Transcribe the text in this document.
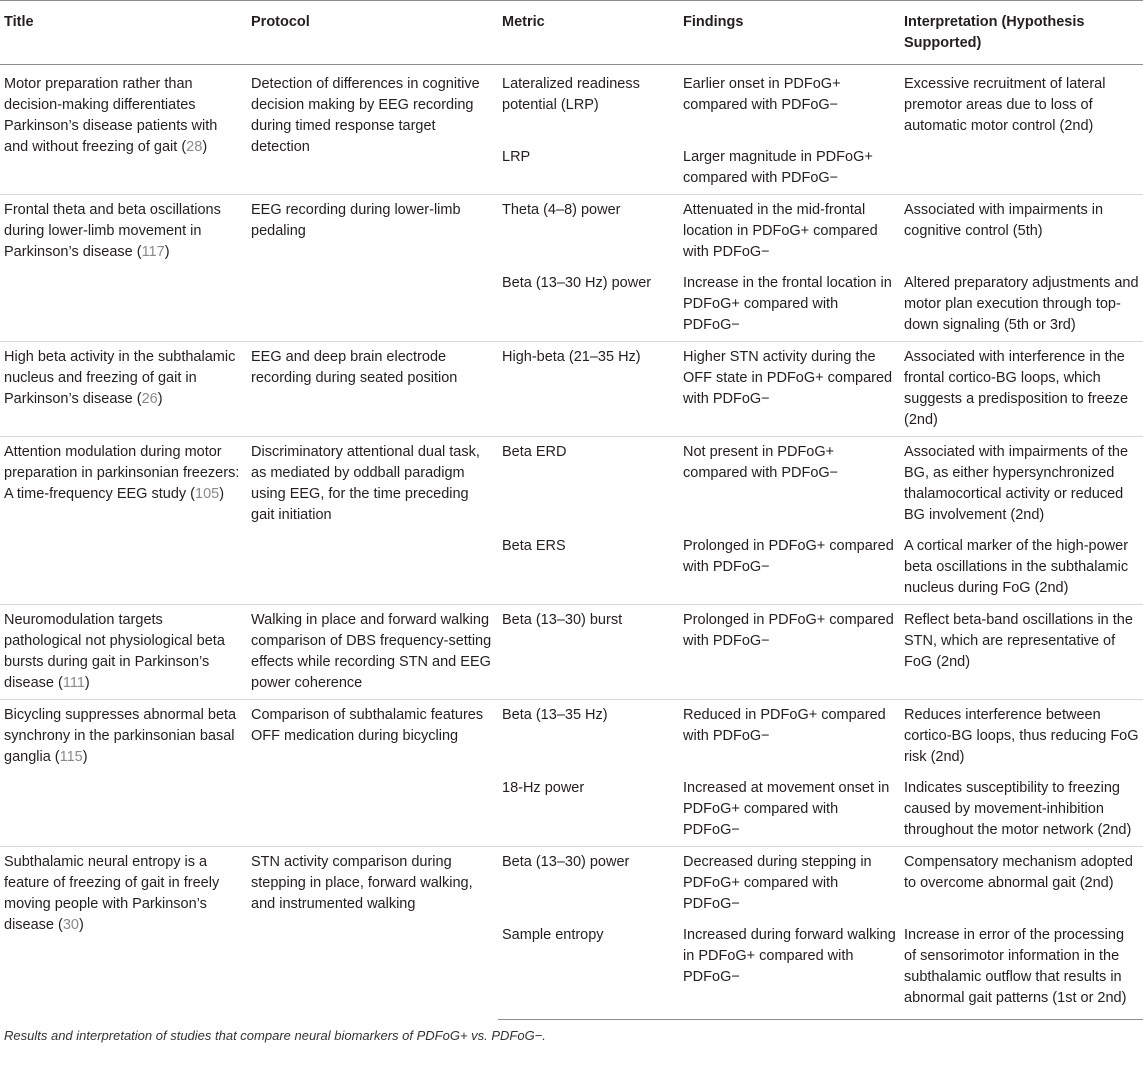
Title	Protocol	Metric	Findings	Interpretation (Hypothesis Supported)
Motor preparation rather than decision-making differentiates Parkinson’s disease patients with and without freezing of gait (28)	Detection of differences in cognitive decision making by EEG recording during timed response target detection	Lateralized readiness potential (LRP)	Earlier onset in PDFoG+ compared with PDFoG−	Excessive recruitment of lateral premotor areas due to loss of automatic motor control (2nd)
		LRP	Larger magnitude in PDFoG+ compared with PDFoG−	
Frontal theta and beta oscillations during lower-limb movement in Parkinson’s disease (117)	EEG recording during lower-limb pedaling	Theta (4–8) power	Attenuated in the mid-frontal location in PDFoG+ compared with PDFoG−	Associated with impairments in cognitive control (5th)
		Beta (13–30 Hz) power	Increase in the frontal location in PDFoG+ compared with PDFoG−	Altered preparatory adjustments and motor plan execution through top-down signaling (5th or 3rd)
High beta activity in the subthalamic nucleus and freezing of gait in Parkinson’s disease (26)	EEG and deep brain electrode recording during seated position	High-beta (21–35 Hz)	Higher STN activity during the OFF state in PDFoG+ compared with PDFoG−	Associated with interference in the frontal cortico-BG loops, which suggests a predisposition to freeze (2nd)
Attention modulation during motor preparation in parkinsonian freezers: A time-frequency EEG study (105)	Discriminatory attentional dual task, as mediated by oddball paradigm using EEG, for the time preceding gait initiation	Beta ERD	Not present in PDFoG+ compared with PDFoG−	Associated with impairments of the BG, as either hypersynchronized thalamocortical activity or reduced BG involvement (2nd)
		Beta ERS	Prolonged in PDFoG+ compared with PDFoG−	A cortical marker of the high-power beta oscillations in the subthalamic nucleus during FoG (2nd)
Neuromodulation targets pathological not physiological beta bursts during gait in Parkinson’s disease (111)	Walking in place and forward walking comparison of DBS frequency-setting effects while recording STN and EEG power coherence	Beta (13–30) burst	Prolonged in PDFoG+ compared with PDFoG−	Reflect beta-band oscillations in the STN, which are representative of FoG (2nd)
Bicycling suppresses abnormal beta synchrony in the parkinsonian basal ganglia (115)	Comparison of subthalamic features OFF medication during bicycling	Beta (13–35 Hz)	Reduced in PDFoG+ compared with PDFoG−	Reduces interference between cortico-BG loops, thus reducing FoG risk (2nd)
		18-Hz power	Increased at movement onset in PDFoG+ compared with PDFoG−	Indicates susceptibility to freezing caused by movement-inhibition throughout the motor network (2nd)
Subthalamic neural entropy is a feature of freezing of gait in freely moving people with Parkinson’s disease (30)	STN activity comparison during stepping in place, forward walking, and instrumented walking	Beta (13–30) power	Decreased during stepping in PDFoG+ compared with PDFoG−	Compensatory mechanism adopted to overcome abnormal gait (2nd)
		Sample entropy	Increased during forward walking in PDFoG+ compared with PDFoG−	Increase in error of the processing of sensorimotor information in the subthalamic outflow that results in abnormal gait patterns (1st or 2nd)
Results and interpretation of studies that compare neural biomarkers of PDFoG+ vs. PDFoG−.
